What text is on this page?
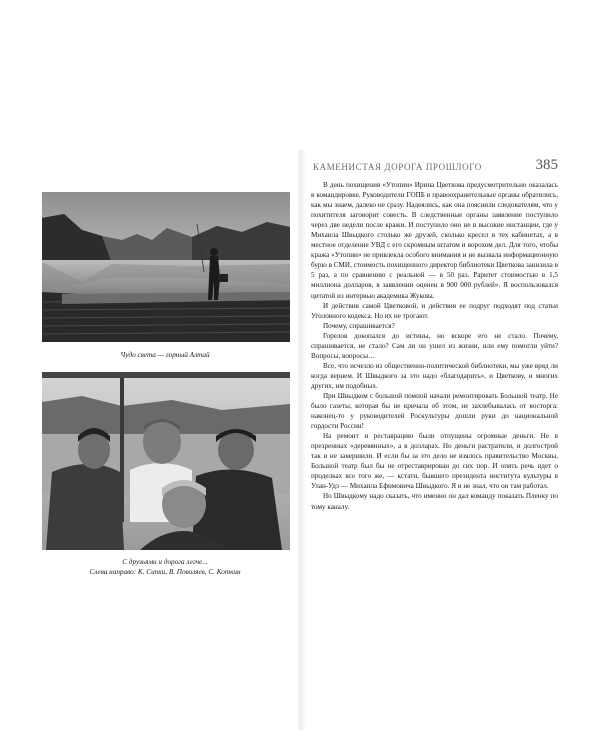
Чудо света — горный Алтай
С друзьями и дорога легче...
Слева направо: К. Сипки, В. Поволяев, С. Коткин
КАМЕНИСТАЯ ДОРОГА ПРОШЛОГО	385

В день похищения «Утопии» Ирина Цветкова предусмотрительно оказалась в командировке. Руководители ГОПБ в правоохранительные органы обратились, как мы знаем, далеко не сразу. Надеялись, как она пояснили следователям, что у похитителя заговорит совесть. В следственные органы заявление поступило через две недели после кражи. И поступило оно не в высокие инстанции, где у Михаила Швыдкого столько же друзей, сколько кресел в тех кабинетах, а в местное отделение УВД с его скромным штатом и ворохом дел. Для того, чтобы кража «Утопии» не привлекла особого внимания и не вызвала информационную бурю в СМИ, стоимость похищенного директор библиотеки Цветкова занизила в 5 раз, а по сравнению с реальной — в 50 раз. Раритет стоимостью в 1,5 миллиона долларов, в заявлении оценен в 900 000 рублей». Я воспользовался цитатой из интервью академика Жукова.

И действия самой Цветковой, и действия ее подруг подходят под статьи Уголовного кодекса. Но их не трогают.

Почему, спрашивается?

Горелов докопался до истины, но вскоре его не стало. Почему, спрашивается, не стало? Сам ли он ушел из жизни, или ему помогли уйти? Вопросы, вопросы…

Все, что исчезло из общественно-политической библиотеки, мы уже вряд ли когда вернем. И Швыдкого за это надо «благодарить», и Цветкову, и многих других, им подобных.

При Швыдком с большой помпой начали ремонтировать Большой театр. Не было газеты, которая бы не кричала об этом, не захлебывалась от восторга: наконец-то у руководителей Роскультуры дошли руки до национальной гордости России!

На ремонт и реставрацию были отпущены огромные деньги. Не в презренных «деревянных», а в долларах. Но деньги растратили, и долгострой так и не завершили. И если бы за это дело не взялось правительство Москвы, Большой театр был бы не отреставрирован до сих пор. И опять речь идет о проделках все того же, — кстати, бывшего президента института культуры в Улан-Удэ — Михаила Ефимовича Швыдкого. Я и не знал, что он там работал.

Но Швыдкому надо сказать, что именно он дал команду показать Пленку по тому каналу.
